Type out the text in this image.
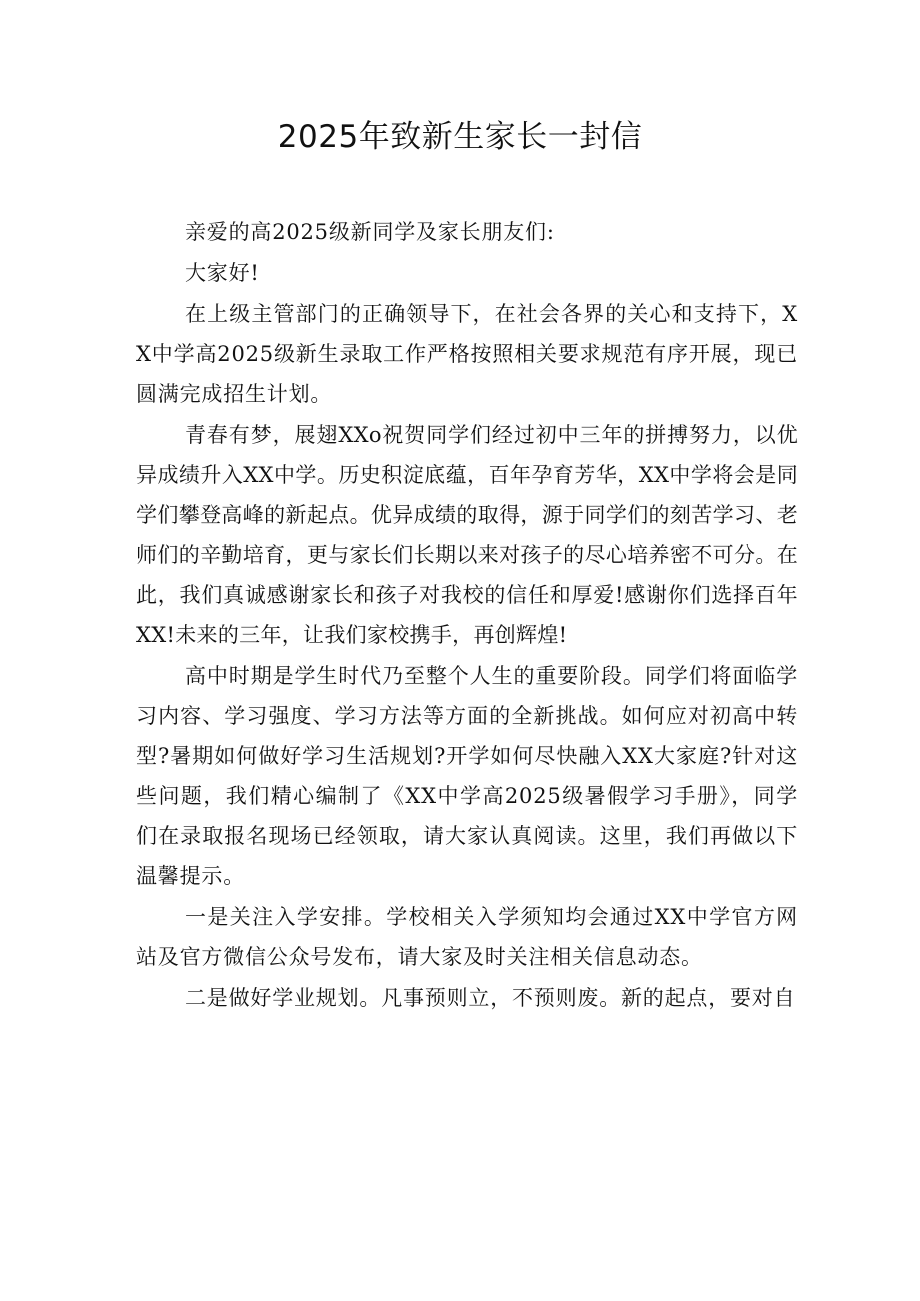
2025年致新生家长一封信

亲爱的高2025级新同学及家长朋友们:

大家好!

在上级主管部门的正确领导下，在社会各界的关心和支持下，XX中学高2025级新生录取工作严格按照相关要求规范有序开展，现已圆满完成招生计划。

青春有梦，展翅XXo祝贺同学们经过初中三年的拼搏努力，以优异成绩升入XX中学。历史积淀底蕴，百年孕育芳华，XX中学将会是同学们攀登高峰的新起点。优异成绩的取得，源于同学们的刻苦学习、老师们的辛勤培育，更与家长们长期以来对孩子的尽心培养密不可分。在此，我们真诚感谢家长和孩子对我校的信任和厚爱!感谢你们选择百年XX!未来的三年，让我们家校携手，再创辉煌!

高中时期是学生时代乃至整个人生的重要阶段。同学们将面临学习内容、学习强度、学习方法等方面的全新挑战。如何应对初高中转型?暑期如何做好学习生活规划?开学如何尽快融入XX大家庭?针对这些问题，我们精心编制了《XX中学高2025级暑假学习手册》，同学们在录取报名现场已经领取，请大家认真阅读。这里，我们再做以下温馨提示。

一是关注入学安排。学校相关入学须知均会通过XX中学官方网站及官方微信公众号发布，请大家及时关注相关信息动态。

二是做好学业规划。凡事预则立，不预则废。新的起点，要对自
